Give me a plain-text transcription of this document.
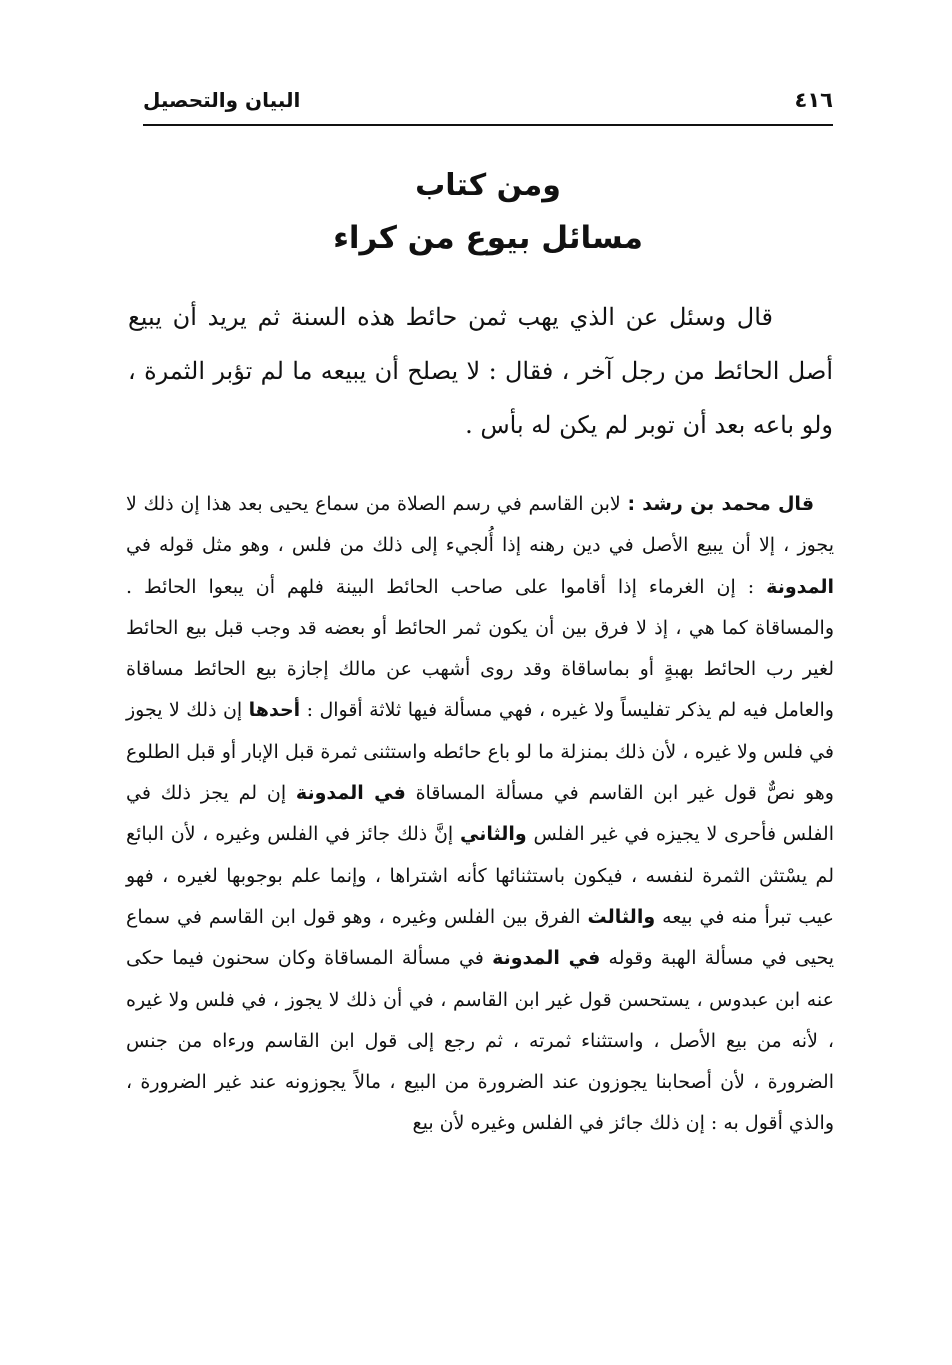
البيان والتحصيل	٤١٦
ومن كتاب
مسائل بيوع من كراء

قال وسئل عن الذي يهب ثمن حائط هذه السنة ثم يريد أن يبيع أصل الحائط من رجل آخر ، فقال : لا يصلح أن يبيعه ما لم تؤبر الثمرة ، ولو باعه بعد أن توبر لم يكن له بأس .

قال محمد بن رشد : لابن القاسم في رسم الصلاة من سماع يحيى بعد هذا إن ذلك لا يجوز ، إلا أن يبيع الأصل في دين رهنه إذا أُلجيء إلى ذلك من فلس ، وهو مثل قوله في المدونة : إن الغرماء إذا أقاموا على صاحب الحائط البينة فلهم أن يبعوا الحائط . والمساقاة كما هي ، إذ لا فرق بين أن يكون ثمر الحائط أو بعضه قد وجب قبل بيع الحائط لغير رب الحائط بهبةٍ أو بماساقاة وقد روى أشهب عن مالك إجازة بيع الحائط مساقاة والعامل فيه لم يذكر تفليساً ولا غيره ، فهي مسألة فيها ثلاثة أقوال : أحدها إن ذلك لا يجوز في فلس ولا غيره ، لأن ذلك بمنزلة ما لو باع حائطه واستثنى ثمرة قبل الإبار أو قبل الطلوع وهو نصٌّ قول غير ابن القاسم في مسألة المساقاة في المدونة إن لم يجز ذلك في الفلس فأحرى لا يجيزه في غير الفلس والثاني إنَّ ذلك جائز في الفلس وغيره ، لأن البائع لم يسْتثن الثمرة لنفسه ، فيكون باستثنائها كأنه اشتراها ، وإنما علم بوجوبها لغيره ، فهو عيب تبرأ منه في بيعه والثالث الفرق بين الفلس وغيره ، وهو قول ابن القاسم في سماع يحيى في مسألة الهبة وقوله في المدونة في مسألة المساقاة وكان سحنون فيما حكى عنه ابن عبدوس ، يستحسن قول غير ابن القاسم ، في أن ذلك لا يجوز ، في فلس ولا غيره ، لأنه من بيع الأصل ، واستثناء ثمرته ، ثم رجع إلى قول ابن القاسم ورءاه من جنس الضرورة ، لأن أصحابنا يجوزون عند الضرورة من البيع ، مالاً يجوزونه عند غير الضرورة ، والذي أقول به : إن ذلك جائز في الفلس وغيره لأن بيع
